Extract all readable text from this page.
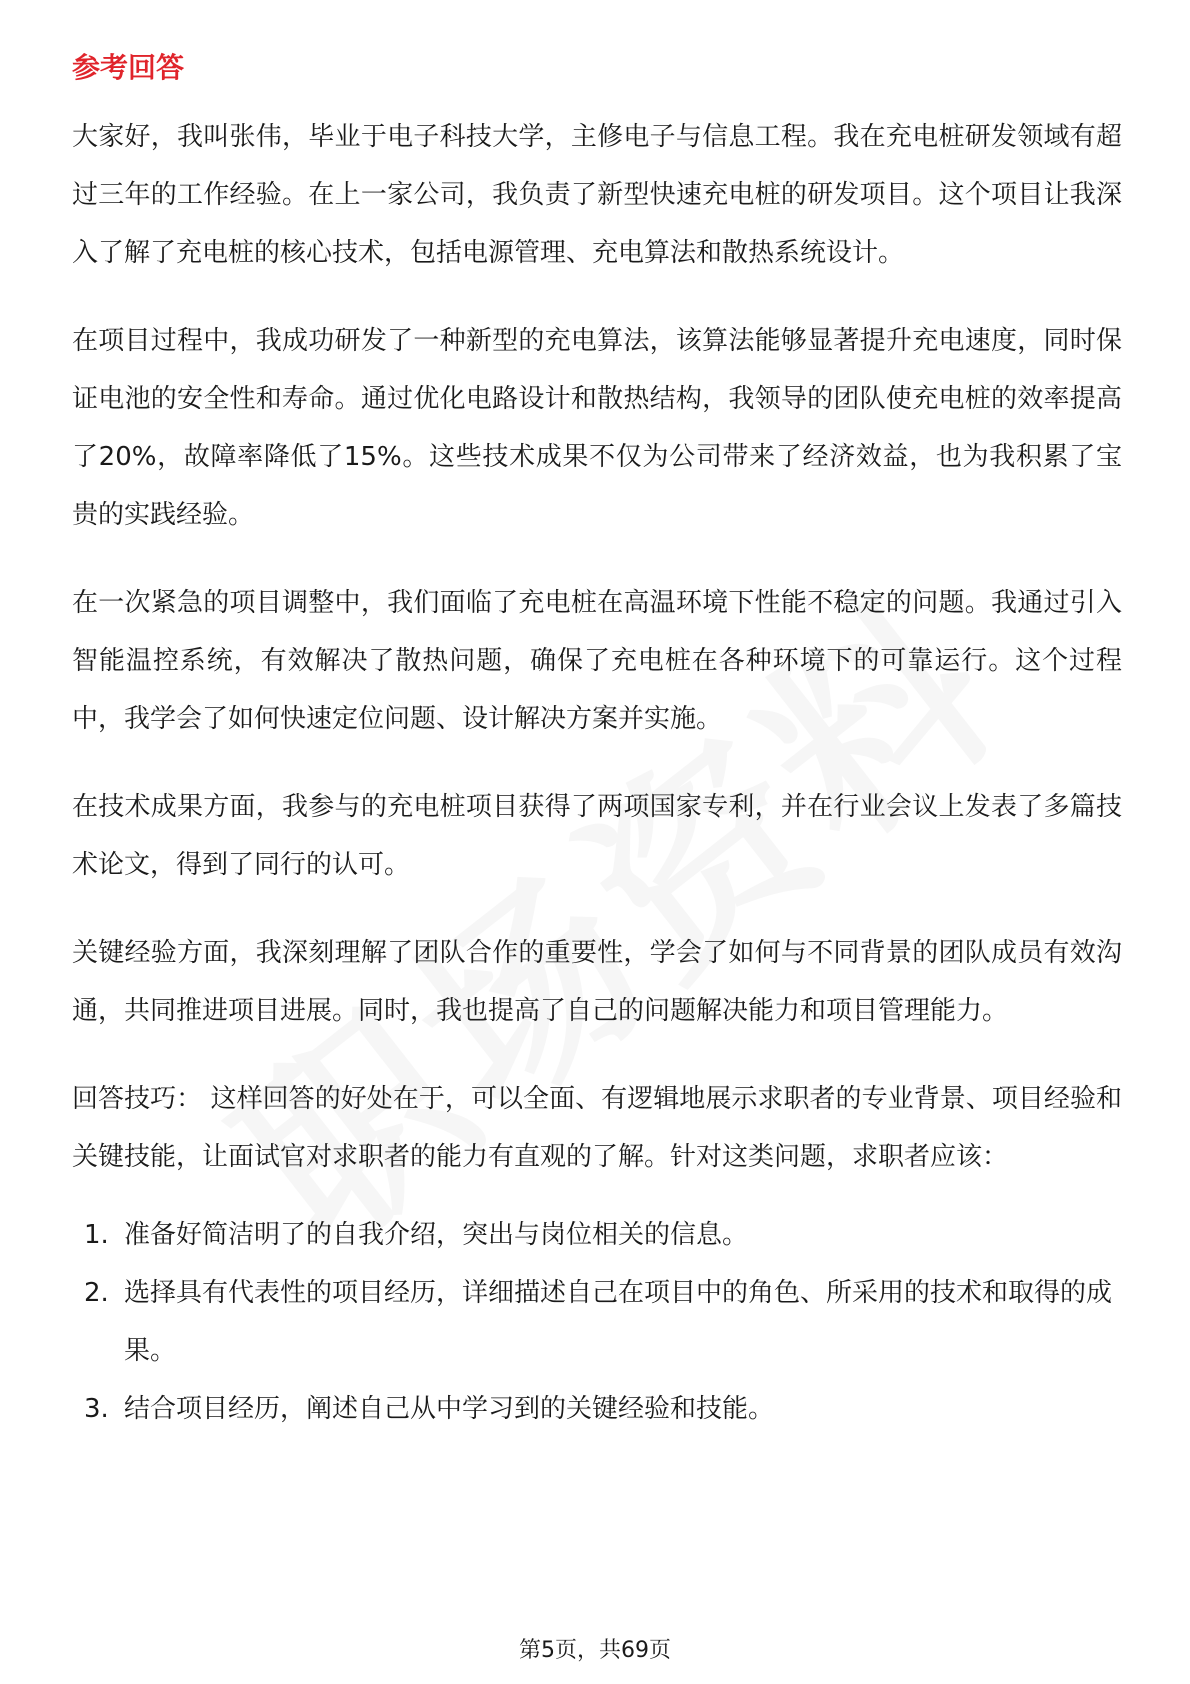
参考回答

大家好，我叫张伟，毕业于电子科技大学，主修电子与信息工程。我在充电桩研发领域有超过三年的工作经验。在上一家公司，我负责了新型快速充电桩的研发项目。这个项目让我深入了解了充电桩的核心技术，包括电源管理、充电算法和散热系统设计。

在项目过程中，我成功研发了一种新型的充电算法，该算法能够显著提升充电速度，同时保证电池的安全性和寿命。通过优化电路设计和散热结构，我领导的团队使充电桩的效率提高了20%，故障率降低了15%。这些技术成果不仅为公司带来了经济效益，也为我积累了宝贵的实践经验。

在一次紧急的项目调整中，我们面临了充电桩在高温环境下性能不稳定的问题。我通过引入智能温控系统，有效解决了散热问题，确保了充电桩在各种环境下的可靠运行。这个过程中，我学会了如何快速定位问题、设计解决方案并实施。

在技术成果方面，我参与的充电桩项目获得了两项国家专利，并在行业会议上发表了多篇技术论文，得到了同行的认可。

关键经验方面，我深刻理解了团队合作的重要性，学会了如何与不同背景的团队成员有效沟通，共同推进项目进展。同时，我也提高了自己的问题解决能力和项目管理能力。

回答技巧： 这样回答的好处在于，可以全面、有逻辑地展示求职者的专业背景、项目经验和关键技能，让面试官对求职者的能力有直观的了解。针对这类问题，求职者应该：

1. 准备好简洁明了的自我介绍，突出与岗位相关的信息。
2. 选择具有代表性的项目经历，详细描述自己在项目中的角色、所采用的技术和取得的成果。
3. 结合项目经历，阐述自己从中学习到的关键经验和技能。
第5页，共69页
